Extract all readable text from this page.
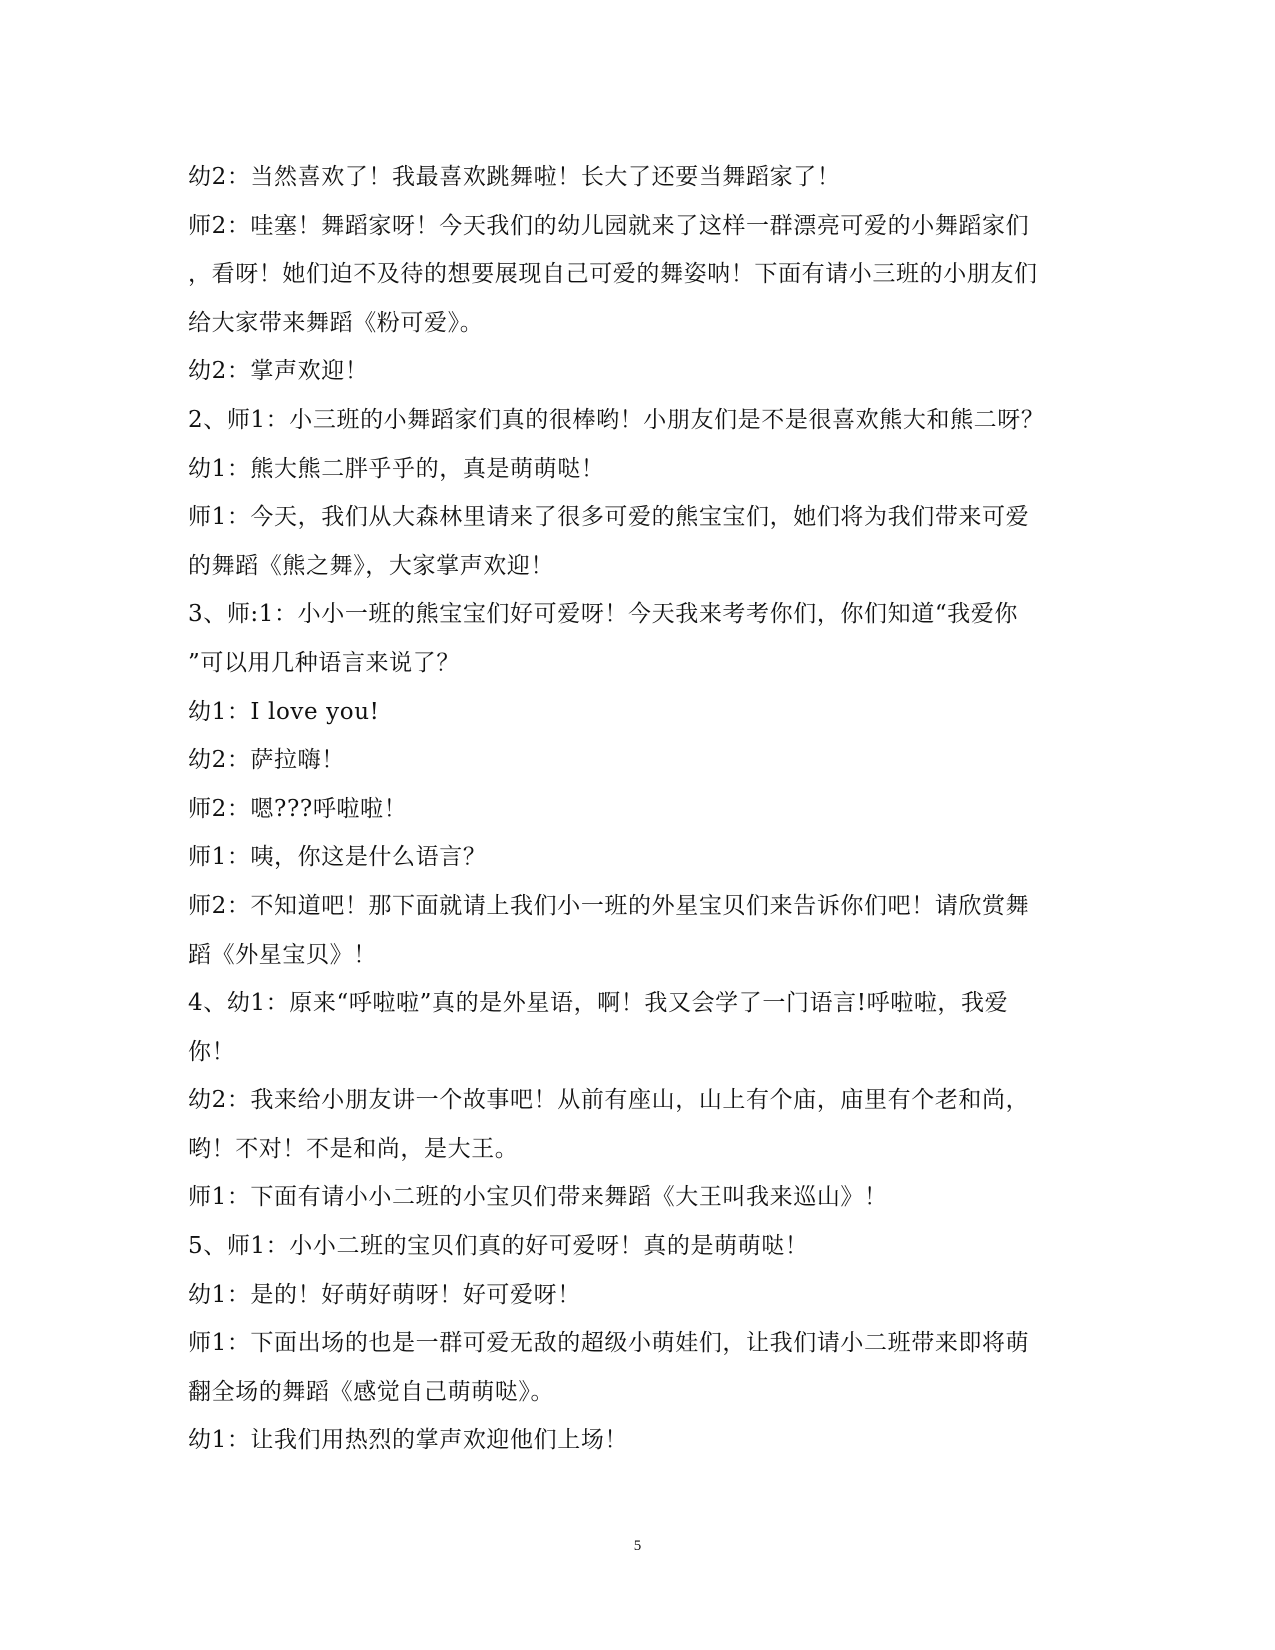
幼2：当然喜欢了！我最喜欢跳舞啦！长大了还要当舞蹈家了！
师2：哇塞！舞蹈家呀！今天我们的幼儿园就来了这样一群漂亮可爱的小舞蹈家们
，看呀！她们迫不及待的想要展现自己可爱的舞姿呐！下面有请小三班的小朋友们
给大家带来舞蹈《粉可爱》。
幼2：掌声欢迎！
2、师1：小三班的小舞蹈家们真的很棒哟！小朋友们是不是很喜欢熊大和熊二呀？
幼1：熊大熊二胖乎乎的，真是萌萌哒！
师1：今天，我们从大森林里请来了很多可爱的熊宝宝们，她们将为我们带来可爱
的舞蹈《熊之舞》，大家掌声欢迎！
3、师:1：小小一班的熊宝宝们好可爱呀！今天我来考考你们，你们知道“我爱你
”可以用几种语言来说了？
幼1：I love you!
幼2：萨拉嗨！
师2：嗯???呼啦啦！
师1：咦，你这是什么语言？
师2：不知道吧！那下面就请上我们小一班的外星宝贝们来告诉你们吧！请欣赏舞
蹈《外星宝贝》！
4、幼1：原来“呼啦啦”真的是外星语，啊！我又会学了一门语言!呼啦啦，我爱
你！
幼2：我来给小朋友讲一个故事吧！从前有座山，山上有个庙，庙里有个老和尚，
哟！不对！不是和尚，是大王。
师1：下面有请小小二班的小宝贝们带来舞蹈《大王叫我来巡山》！
5、师1：小小二班的宝贝们真的好可爱呀！真的是萌萌哒！
幼1：是的！好萌好萌呀！好可爱呀！
师1：下面出场的也是一群可爱无敌的超级小萌娃们，让我们请小二班带来即将萌
翻全场的舞蹈《感觉自己萌萌哒》。
幼1：让我们用热烈的掌声欢迎他们上场！
5
